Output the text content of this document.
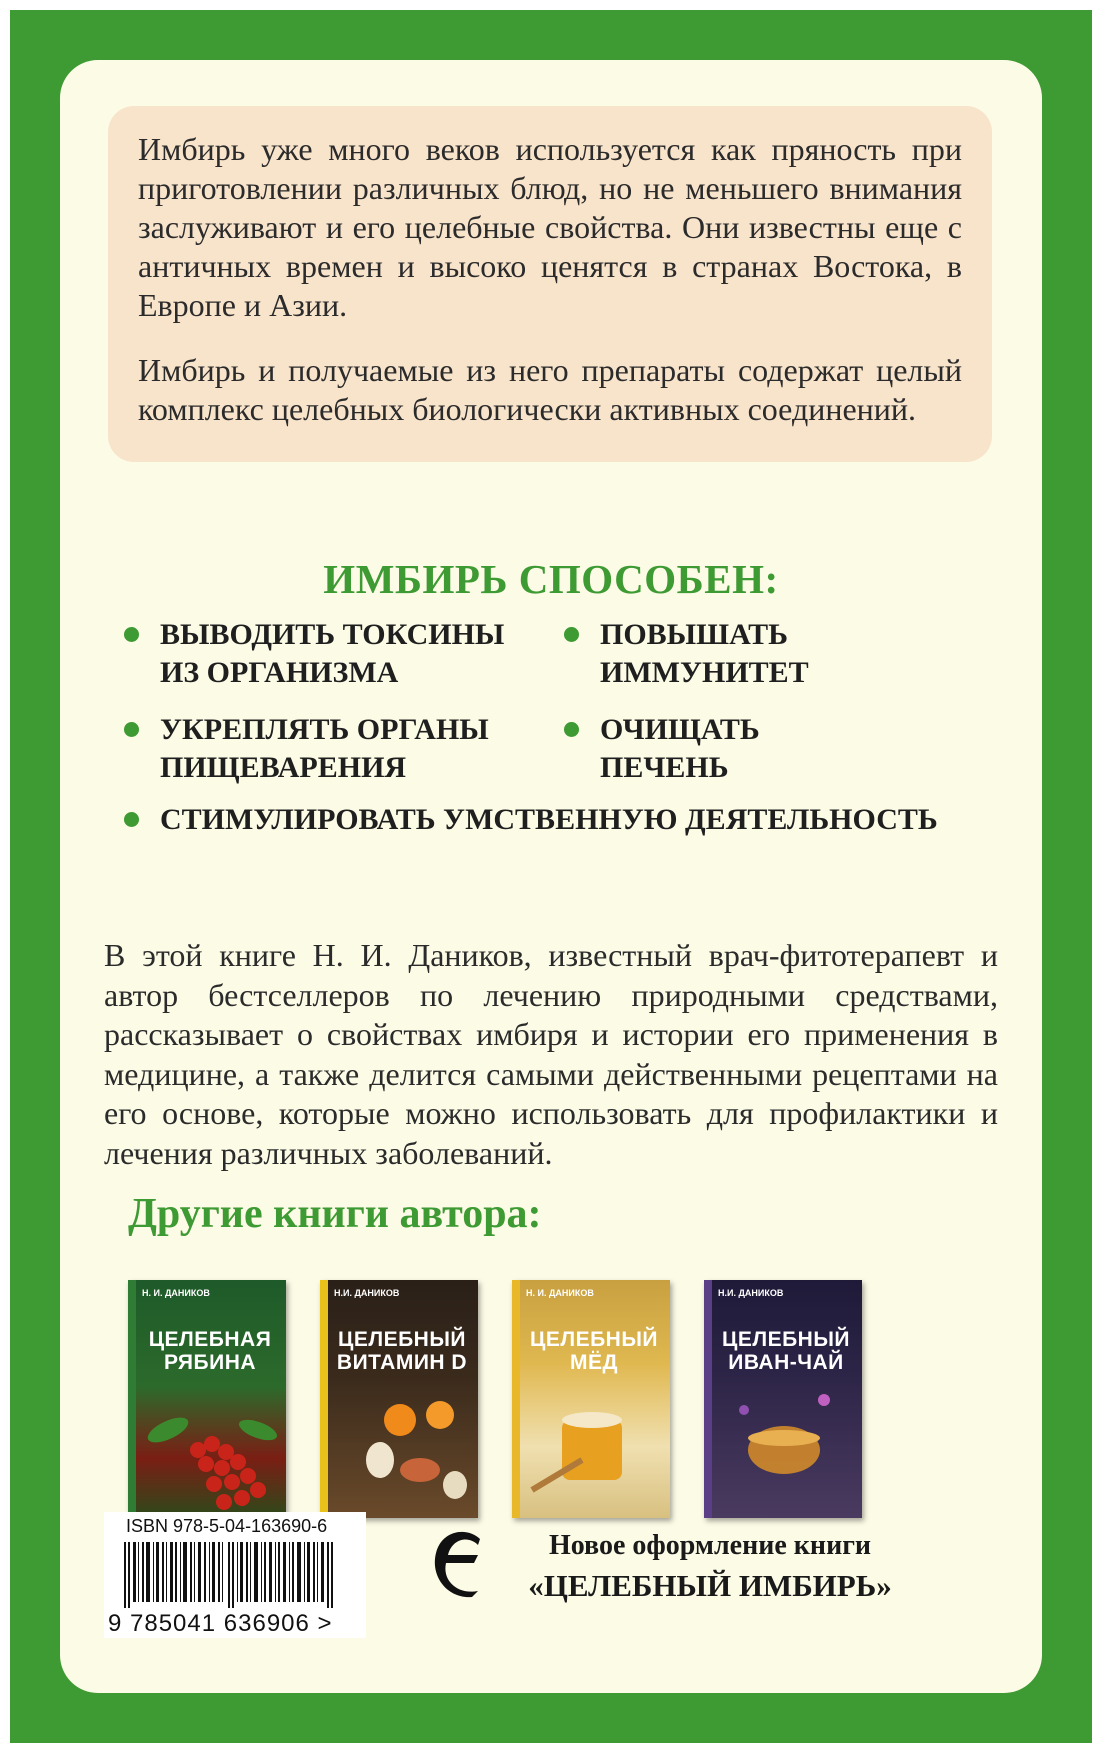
Имбирь уже много веков используется как пряность при приготовлении различных блюд, но не меньшего внимания заслуживают и его целебные свойства. Они известны еще с античных времен и высоко ценятся в странах Востока, в Европе и Азии.

Имбирь и получаемые из него препараты содержат целый комплекс целебных биологически активных соединений.

ИМБИРЬ СПОСОБЕН:
ВЫВОДИТЬ ТОКСИНЫ
ИЗ ОРГАНИЗМА
ПОВЫШАТЬ
ИММУНИТЕТ
УКРЕПЛЯТЬ ОРГАНЫ
ПИЩЕВАРЕНИЯ
ОЧИЩАТЬ
ПЕЧЕНЬ
СТИМУЛИРОВАТЬ УМСТВЕННУЮ ДЕЯТЕЛЬНОСТЬ

В этой книге Н. И. Даников, известный врач-фитотерапевт и автор бестселлеров по лечению природными средствами, рассказывает о свойствах имбиря и истории его применения в медицине, а также делится самыми действенными рецептами на его основе, которые можно использовать для профилактики и лечения различных заболеваний.

Другие книги автора:
Н. И. ДАНИКОВ
ЦЕЛЕБНАЯ РЯБИНА
Н.И. ДАНИКОВ
ЦЕЛЕБНЫЙ ВИТАМИН D
Н. И. ДАНИКОВ
ЦЕЛЕБНЫЙ МЁД
Н.И. ДАНИКОВ
ЦЕЛЕБНЫЙ ИВАН-ЧАЙ
ISBN 978-5-04-163690-6
9 785041 636906 >
Новое оформление книги
«ЦЕЛЕБНЫЙ ИМБИРЬ»
